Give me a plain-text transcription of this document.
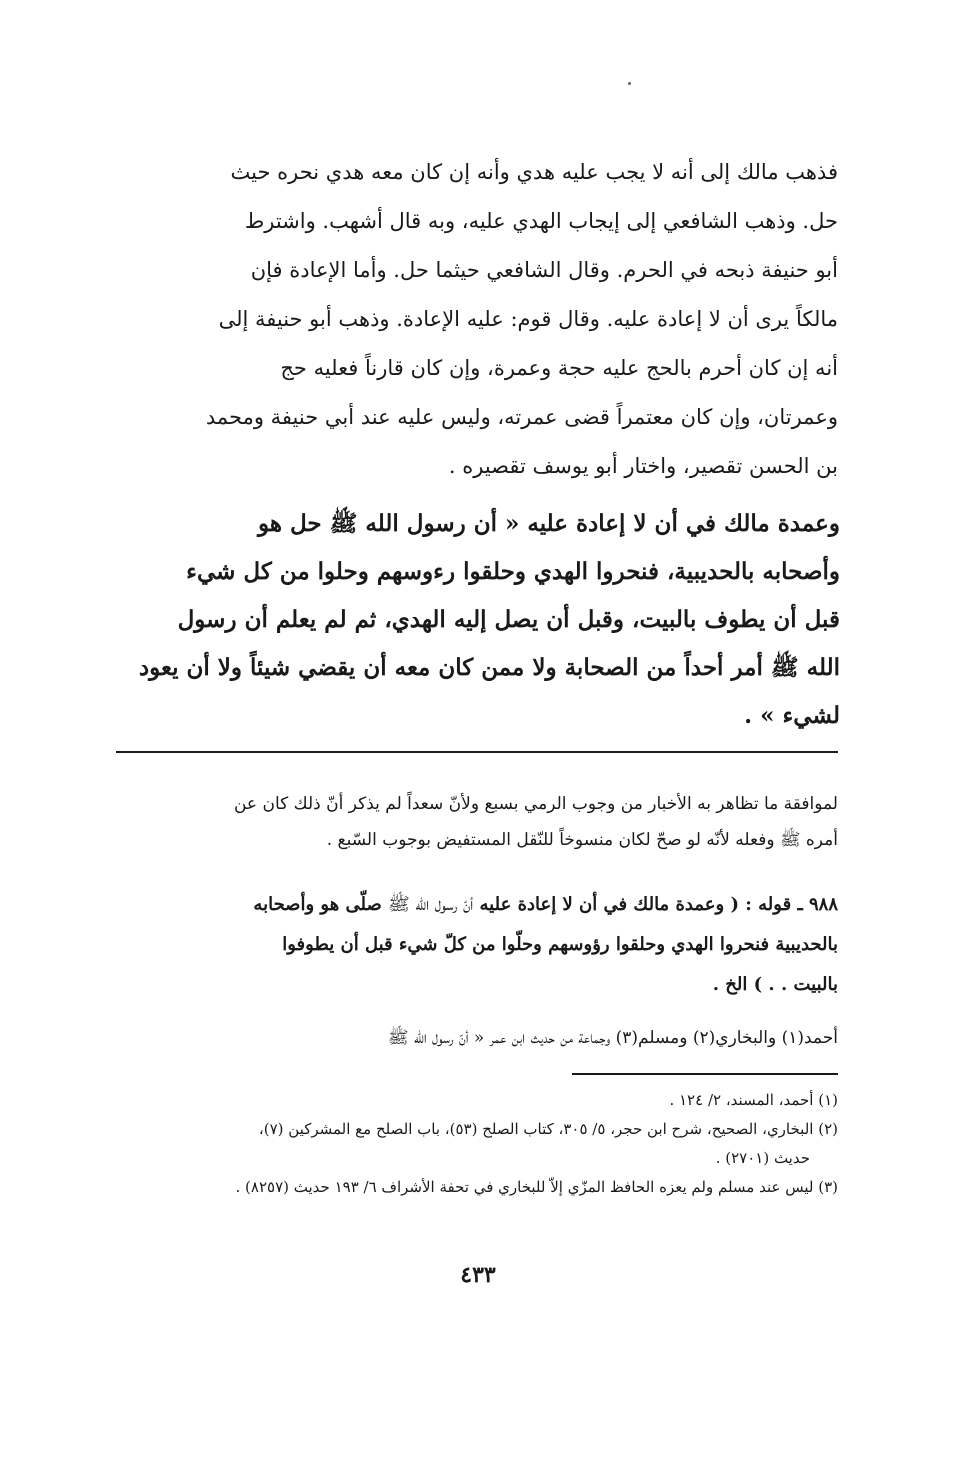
فذهب مالك إلى أنه لا يجب عليه هدي وأنه إن كان معه هدي نحره حيث
حل. وذهب الشافعي إلى إيجاب الهدي عليه، وبه قال أشهب. واشترط
أبو حنيفة ذبحه في الحرم. وقال الشافعي حيثما حل. وأما الإعادة فإن
مالكاً يرى أن لا إعادة عليه. وقال قوم: عليه الإعادة. وذهب أبو حنيفة إلى
أنه إن كان أحرم بالحج عليه حجة وعمرة، وإن كان قارناً فعليه حج
وعمرتان، وإن كان معتمراً قضى عمرته، وليس عليه عند أبي حنيفة ومحمد
بن الحسن تقصير، واختار أبو يوسف تقصيره .
وعمدة مالك في أن لا إعادة عليه « أن رسول الله ﷺ حل هو
وأصحابه بالحديبية، فنحروا الهدي وحلقوا رءوسهم وحلوا من كل شيء
قبل أن يطوف بالبيت، وقبل أن يصل إليه الهدي، ثم لم يعلم أن رسول
الله ﷺ أمر أحداً من الصحابة ولا ممن كان معه أن يقضي شيئاً ولا أن يعود
لشيء » .
لموافقة ما تظاهر به الأخبار من وجوب الرمي بسبع ولأنّ سعداً لم يذكر أنّ ذلك كان عن
أمره ﷺ وفعله لأنّه لو صحّ لكان منسوخاً للنّقل المستفيض بوجوب السّبع .
٩٨٨ ـ قوله : ( وعمدة مالك في أن لا إعادة عليه أنّ رسول الله ﷺ صلّى هو وأصحابه
بالحديبية فنحروا الهدي وحلقوا رؤوسهم وحلّوا من كلّ شيء قبل أن يطوفوا
بالبيت . . ) الخ .
أحمد(١) والبخاري(٢) ومسلم(٣) وجماعة من حديث ابن عمر « أنّ رسول الله ﷺ
(١) أحمد، المسند، ٢/ ١٢٤ .
(٢) البخاري، الصحيح، شرح ابن حجر، ٥/ ٣٠٥، كتاب الصلح (٥٣)، باب الصلح مع المشركين (٧)،
حديث (٢٧٠١) .
(٣) ليس عند مسلم ولم يعزه الحافظ المزّي إلاّ للبخاري في تحفة الأشراف ٦/ ١٩٣ حديث (٨٢٥٧) .
٤٣٣
